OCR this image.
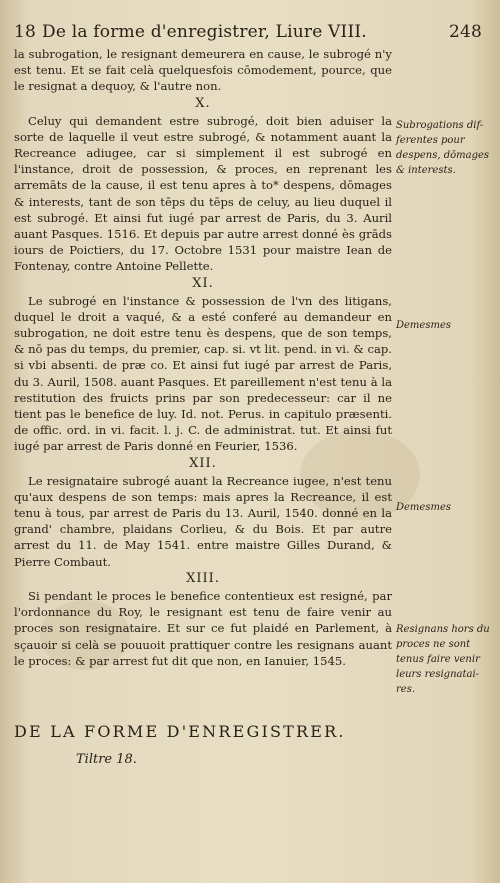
18 De la forme d'enregistrer, Liure VIII.	248

la subrogation, le resignant demeurera en cause, le subrogé n'y est tenu. Et se fait celà quelquesfois cōmodement, pource, que le resignat a dequoy, & l'autre non.

X.

Celuy qui demandent estre subrogé, doit bien aduiser la sorte de laquelle il veut estre subrogé, & notamment auant la Recreance adiugee, car si simplement il est subrogé en l'instance, droit de possession, & proces, en reprenant les arremāts de la cause, il est tenu apres à to* despens, dōmages & interests, tant de son tēps du tēps de celuy, au lieu duquel il est subrogé. Et ainsi fut iugé par arrest de Paris, du 3. Auril auant Pasques. 1516. Et depuis par autre arrest donné ès grāds iours de Poictiers, du 17. Octobre 1531 pour maistre Iean de Fontenay, contre Antoine Pellette.

XI.

Le subrogé en l'instance & possession de l'vn des litigans, duquel le droit a vaqué, & a esté conferé au demandeur en subrogation, ne doit estre tenu ès despens, que de son temps, & nō pas du temps, du premier, cap. si. vt lit. pend. in vi. & cap. si vbi absenti. de præ co. Et ainsi fut iugé par arrest de Paris, du 3. Auril, 1508. auant Pasques. Et pareillement n'est tenu à la restitution des fruicts prins par son predecesseur: car il ne tient pas le benefice de luy. Id. not. Perus. in capitulo præsenti. de offic. ord. in vi. facit. l. j. C. de administrat. tut. Et ainsi fut iugé par arrest de Paris donné en Feurier, 1536.

XII.

Le resignataire subrogé auant la Recreance iugee, n'est tenu qu'aux despens de son temps: mais apres la Recreance, il est tenu à tous, par arrest de Paris du 13. Auril, 1540. donné en la grand' chambre, plaidans Corlieu, & du Bois. Et par autre arrest du 11. de May 1541. entre maistre Gilles Durand, & Pierre Combaut.

XIII.

Si pendant le proces le benefice contentieux est resigné, par l'ordonnance du Roy, le resignant est tenu de faire venir au proces son resignataire. Et sur ce fut plaidé en Parlement, à sçauoir si celà se pouuoit prattiquer contre les resignans auant le proces: & par arrest fut dit que non, en Ianuier, 1545.

Subrogations dif-ferentes pour despens, dōmages & interests.
Demesmes
Demesmes
Resignans hors du proces ne sont tenus faire venir leurs resignatai-res.
DE LA FORME D'ENREGISTRER.
Tiltre 18.
